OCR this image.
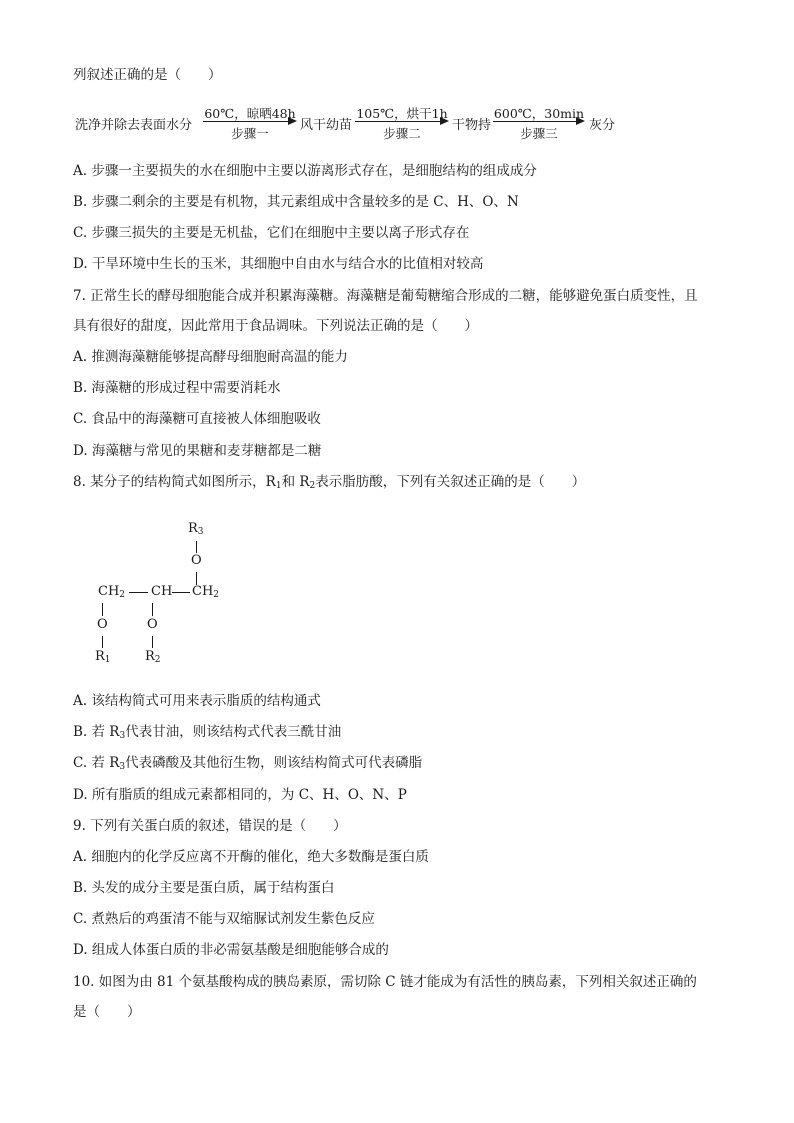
列叙述正确的是（　　）
洗净并除去表面水分
60℃，晾晒48h
步骤一
风干幼苗
105℃，烘干1h
步骤二
干物持
600℃，30min
步骤三
灰分
A. 步骤一主要损失的水在细胞中主要以游离形式存在，是细胞结构的组成成分
B. 步骤二剩余的主要是有机物，其元素组成中含量较多的是 C、H、O、N
C. 步骤三损失的主要是无机盐，它们在细胞中主要以离子形式存在
D. 干旱环境中生长的玉米，其细胞中自由水与结合水的比值相对较高
7. 正常生长的酵母细胞能合成并积累海藻糖。海藻糖是葡萄糖缩合形成的二糖，能够避免蛋白质变性，且
具有很好的甜度，因此常用于食品调味。下列说法正确的是（　　）
A. 推测海藻糖能够提高酵母细胞耐高温的能力
B. 海藻糖的形成过程中需要消耗水
C. 食品中的海藻糖可直接被人体细胞吸收
D. 海藻糖与常见的果糖和麦芽糖都是二糖
8. 某分子的结构简式如图所示，$R_1$和 $R_2$表示脂肪酸，下列有关叙述正确的是（　　）
$R_3$
O
$CH_2$ CH $CH_2$
O	O
$R_1$	$R_2$
A. 该结构简式可用来表示脂质的结构通式
B. 若 $R_3$代表甘油，则该结构式代表三酰甘油
C. 若 $R_3$代表磷酸及其他衍生物，则该结构简式可代表磷脂
D. 所有脂质的组成元素都相同的，为 C、H、O、N、P
9. 下列有关蛋白质的叙述，错误的是（　　）
A. 细胞内的化学反应离不开酶的催化，绝大多数酶是蛋白质
B. 头发的成分主要是蛋白质，属于结构蛋白
C. 煮熟后的鸡蛋清不能与双缩脲试剂发生紫色反应
D. 组成人体蛋白质的非必需氨基酸是细胞能够合成的
10. 如图为由 81 个氨基酸构成的胰岛素原，需切除 C 链才能成为有活性的胰岛素，下列相关叙述正确的
是（　　）
